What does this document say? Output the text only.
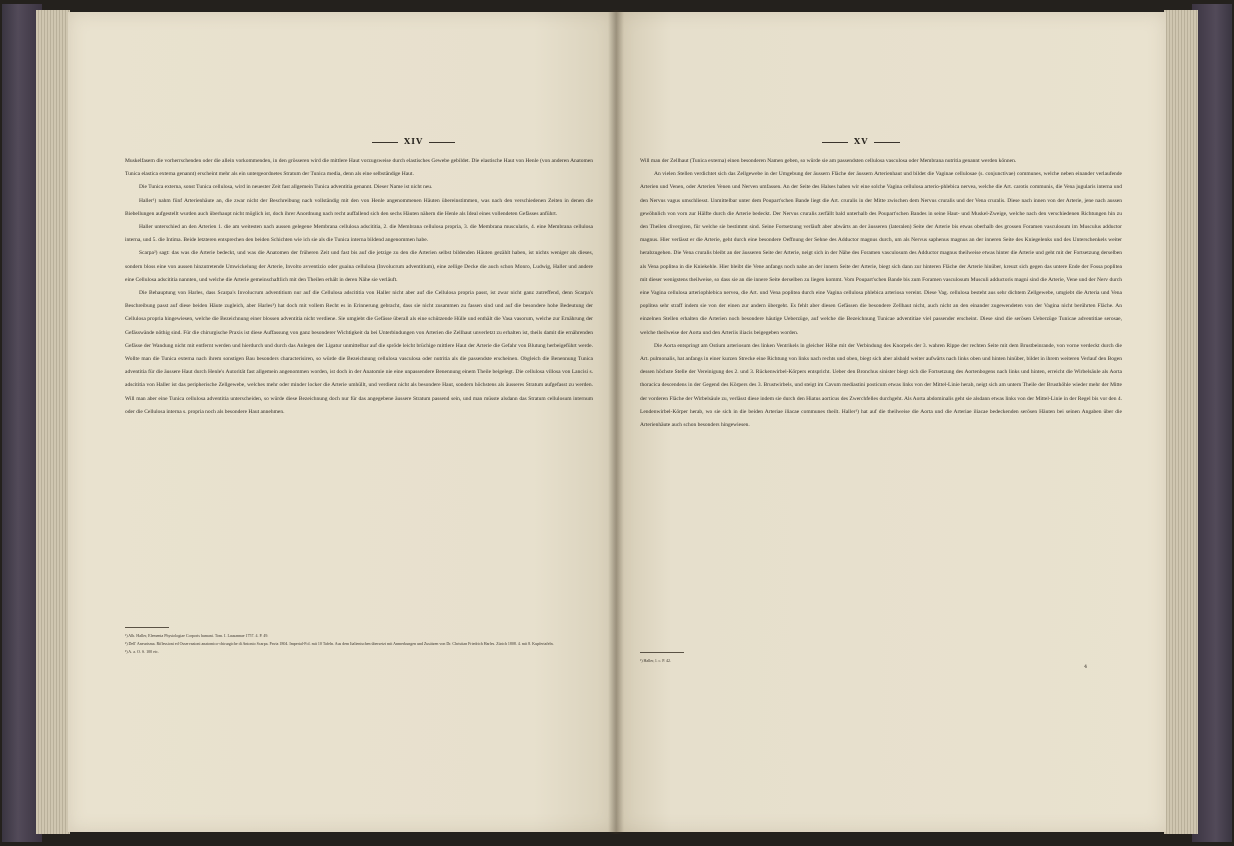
XIV

Muskelfasern die vorherrschenden oder die allein vorkommenden, in den grösseren wird die mittlere Haut vorzugsweise durch elastisches Gewebe gebildet. Die elastische Haut von Henle (von anderen Anatomen Tunica elastica externa genannt) erscheint mehr als ein untergeordnetes Stratum der Tunica media, denn als eine selbständige Haut.

Die Tunica externa, sonst Tunica cellulosa, wird in neuester Zeit fast allgemein Tunica adventitia genannt. Dieser Name ist nicht neu.

Haller¹) nahm fünf Arterienhäute an, die zwar nicht der Beschreibung nach vollständig mit den von Henle angenommenen Häuten übereinstimmen, was nach den verschiedenen Zeiten in denen die Biebellungen aufgestellt wurden auch überhaupt nicht möglich ist, doch ihrer Anordnung nach recht auffallend sich den sechs Häuten nähern die Henle als Ideal eines vollendeten Gefässes anführt.

Haller unterschied an den Arterien 1. die am weitesten nach aussen gelegene Membrana cellulosa adscititia, 2. die Membrana cellulosa propria, 3. die Membrana muscularis, 4. eine Membrana cellulosa interna, und 5. die Intima. Beide letzteren entsprechen den beiden Schichten wie ich sie als die Tunica interna bildend angenommen habe.

Scarpa²) sagt: das was die Arterie bedeckt, und was die Anatomen der früheren Zeit und fast bis auf die jetzige zu den die Arterien selbst bildenden Häuten gezählt haben, ist nichts weniger als dieses, sondern bloss eine von aussen hinzutretende Umwickelung der Arterie, Involto avventizio oder guaina cellulosa (Involucrum adventitium), eine zellige Decke die auch schon Monro, Ludwig, Haller und andere eine Cellulosa adscititia nannten, und welche die Arterie gemeinschaftlich mit den Theilen erhält in deren Nähe sie verläuft.

Die Behauptung von Harles, dass Scarpa's Involucrum adventitium nur auf die Cellulosa adscititia von Haller nicht aber auf die Cellulosa propria passt, ist zwar nicht ganz zutreffend, denn Scarpa's Beschreibung passt auf diese beiden Häute zugleich, aber Harles³) hat doch mit vollem Recht es in Erinnerung gebracht, dass sie nicht zusammen zu fassen sind und auf die besondere hohe Bedeutung der Cellulosa propria hingewiesen, welche die Bezeichnung einer blossen adventitia nicht verdiene. Sie umgiebt die Gefässe überall als eine schützende Hülle und enthält die Vasa vasorum, welche zur Ernährung der Gefässwände nöthig sind. Für die chirurgische Praxis ist diese Auffassung von ganz besonderer Wichtigkeit da bei Unterbindungen von Arterien die Zellhaut unverletzt zu erhalten ist, theils damit die ernährenden Gefässe der Wandung nicht mit entfernt werden und hierdurch und durch das Anlegen der Ligatur unmittelbar auf die spröde leicht brüchige mittlere Haut der Arterie die Gefahr von Blutung herbeigeführt werde. Wollte man die Tunica externa nach ihrem sonstigen Bau besonders characterisiren, so würde die Bezeichnung cellulosa vasculosa oder nutritia als die passendste erscheinen. Obgleich die Benennung Tunica adventitia für die äussere Haut durch Henle's Autorität fast allgemein angenommen worden, ist doch in der Anatomie nie eine unpassendere Benennung einem Theile beigelegt. Die cellulosa villosa von Lancisi s. adscititia von Haller ist das peripherische Zellgewebe, welches mehr oder minder locker die Arterie umhüllt, und verdient nicht als besondere Haut, sondern höchstens als äusseres Stratum aufgefasst zu werden. Will man aber eine Tunica cellulosa adventitia unterscheiden, so würde diese Bezeichnung doch nur für das angegebene äussere Stratum passend sein, und man müsste alsdann das Stratum cellulosum internum oder die Cellulosa interna s. propria noch als besondere Haut annehmen.

¹) Alb. Haller, Elementa Physiologiae Corporis humani. Tom. I. Lausannae 1757. 4. P. 49.
²) Dell' Aneurisma. Riflessioni ed Osservazioni anatomico-chirurgiche di Antonio Scarpa. Pavia 1804. Imperial-Fol. mit 10 Tafeln. Aus dem Italienischen übersetzt mit Anmerkungen und Zusätzen von Dr. Christian Friedrich Harles. Zürich 1808. 4. mit 8. Kupfertafeln.
³) A. a. O. S. 100 etc.
XV

Will man der Zellhaut (Tunica externa) einen besonderen Namen geben, so würde sie am passendsten cellulosa vasculosa oder Membrana nutritia genannt werden können.

An vielen Stellen verdichtet sich das Zellgewebe in der Umgebung der äussern Fläche der äussern Arterienhaut und bildet die Vaginae cellulosae (s. conjunctivae) communes, welche neben einander verlaufende Arterien und Venen, oder Arterien Venen und Nerven umfassen. An der Seite des Halses haben wir eine solche Vagina cellulosa arterio-phlebica nervea, welche die Art. carotis communis, die Vena jugularis interna und den Nervus vagus umschliesst. Unmittelbar unter dem Poupart'schen Bande liegt die Art. cruralis in der Mitte zwischen dem Nervus cruralis und der Vena cruralis. Diese nach innen von der Arterie, jene nach aussen gewöhnlich von vorn zur Hälfte durch die Arterie bedeckt. Der Nervus cruralis zerfällt bald unterhalb des Poupart'schen Bandes in seine Haut- und Muskel-Zweige, welche nach den verschiedenen Richtungen hin zu den Theilen divergiren, für welche sie bestimmt sind. Seine Fortsetzung verläuft aber abwärts an der äusseren (lateralen) Seite der Arterie bis etwas oberhalb des grossen Foramen vasculosum im Musculus adductor magnus. Hier verlässt er die Arterie, geht durch eine besondere Oeffnung der Sehne des Adductor magnus durch, um als Nervus saphenus magnus an der inneren Seite des Kniegelenks und des Unterschenkels weiter herabzugehen. Die Vena cruralis bleibt an der äusseren Seite der Arterie, neigt sich in der Nähe des Foramen vasculosum des Adductor magnus theilweise etwas hinter die Arterie und geht mit der Fortsetzung derselben als Vena poplitea in die Kniekehle. Hier bleibt die Vene anfangs noch nahe an der innern Seite der Arterie, biegt sich dann zur hinteren Fläche der Arterie hinüber, kreuzt sich gegen das untere Ende der Fossa poplitea mit dieser wenigstens theilweise, so dass sie an die innere Seite derselben zu liegen kommt. Vom Poupart'schen Bande bis zum Foramen vasculosum Musculi adductoris magni sind die Arterie, Vene und der Nerv durch eine Vagina cellulosa arteriophlebica nervea, die Art. und Vena poplitea durch eine Vagina cellulosa phlebica arteriosa vereint. Diese Vag. cellulosa besteht aus sehr dichtem Zellgewebe, umgiebt die Arteria und Vena poplitea sehr straff indem sie von der einen zur andern übergeht. Es fehlt aber diesen Gefässen die besondere Zellhaut nicht, auch nicht an den einander zugewendeten von der Vagina nicht berührten Fläche. An einzelnen Stellen erhalten die Arterien noch besondere häutige Ueberzüge, auf welche die Bezeichnung Tunicae adventitiae viel passender erscheint. Diese sind die serösen Ueberzüge Tunicae adventitiae serosae, welche theilweise der Aorta und den Arteriis iliacis beigegeben worden.

Die Aorta entspringt am Ostium arteriosum des linken Ventrikels in gleicher Höhe mit der Verbindung des Knorpels der 3. wahren Rippe der rechten Seite mit dem Brustbeinrande, von vorne verdeckt durch die Art. pulmonalis, hat anfangs in einer kurzen Strecke eine Richtung von links nach rechts und oben, biegt sich aber alsbald weiter aufwärts nach links oben und hinten hinüber, bildet in ihrem weiteren Verlauf den Bogen dessen höchste Stelle der Vereinigung des 2. und 3. Rückenwirbel-Körpers entspricht. Ueber den Bronchus sinister biegt sich die Fortsetzung des Aortenbogens nach links und hinten, erreicht die Wirbelsäule als Aorta thoracica descendens in der Gegend des Körpers des 3. Brustwirbels, und steigt im Cavum mediastini posticum etwas links von der Mittel-Linie herab, neigt sich am untern Theile der Brusthöhle wieder mehr der Mitte der vorderen Fläche der Wirbelsäule zu, verlässt diese indem sie durch den Hiatus aorticus des Zwerchfelles durchgeht. Als Aorta abdominalis geht sie alsdann etwas links von der Mittel-Linie in der Regel bis vor den 4. Lendenwirbel-Körper herab, wo sie sich in die beiden Arteriae iliacae communes theilt. Haller¹) hat auf die theilweise die Aorta und die Arteriae iliacae bedeckenden serösen Häuten bei seinen Angaben über die Arterienhäute auch schon besonders hingewiesen.

¹) Haller, l. c. P. 42.
4
